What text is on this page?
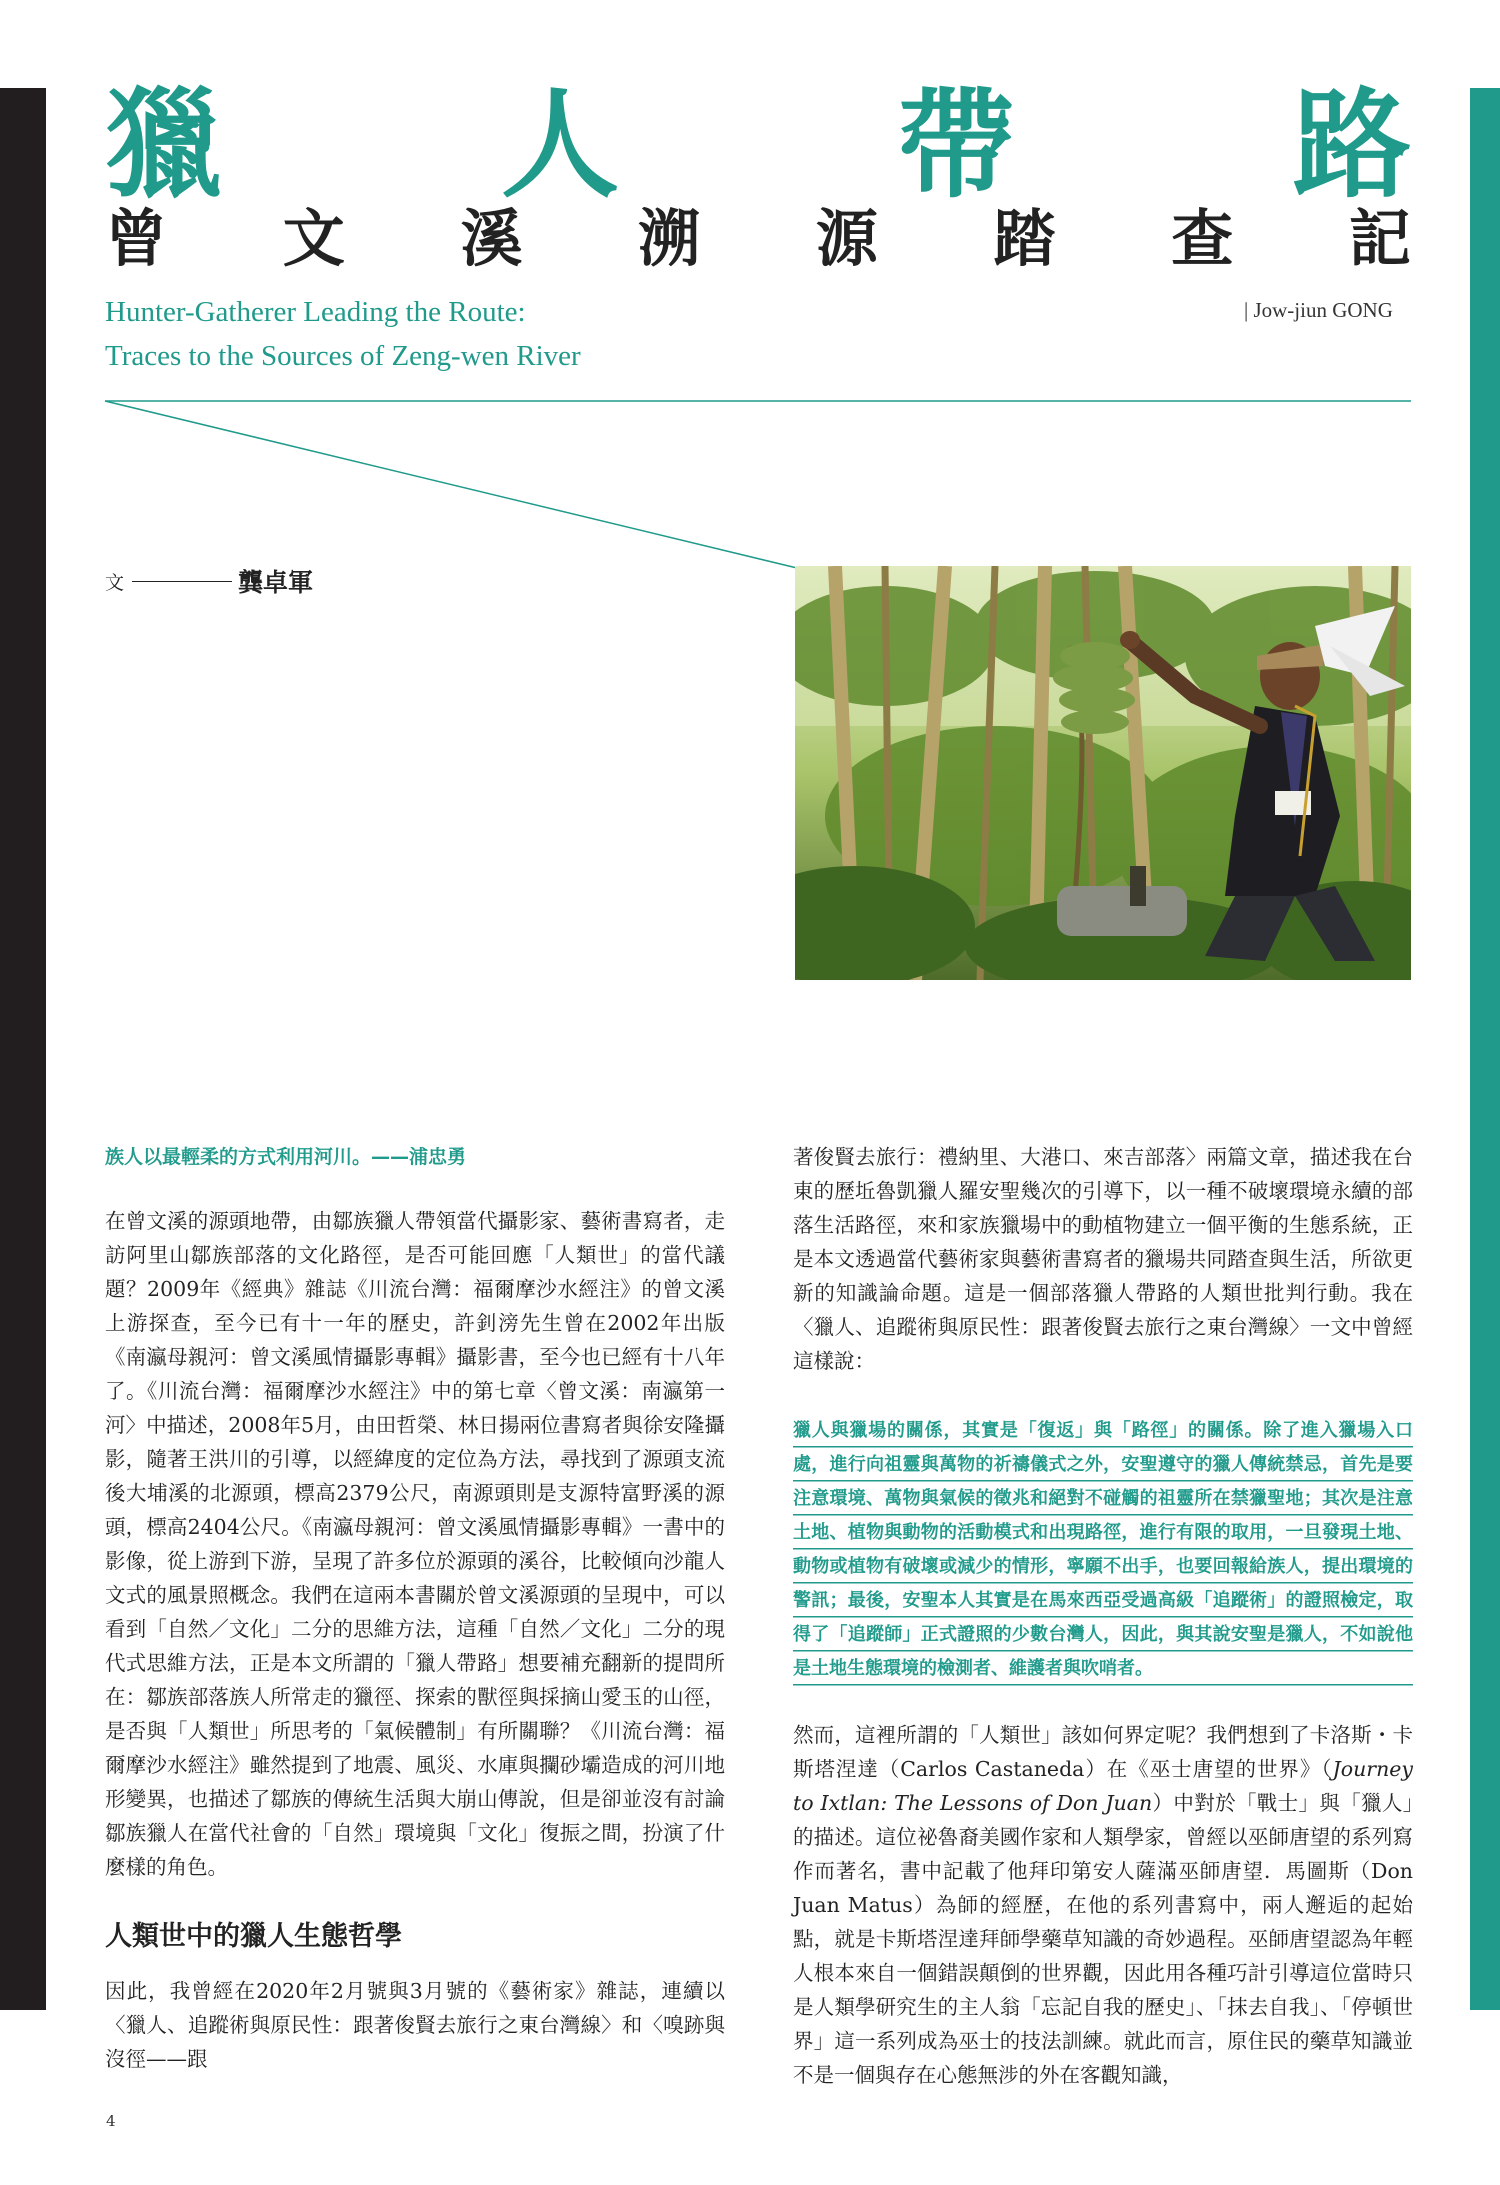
獵 人 帶 路
曾 文 溪 溯 源 踏 查 記
Hunter-Gatherer Leading the Route:
Traces to the Sources of Zeng-wen River
| Jow-jiun GONG
文	龔卓軍

族人以最輕柔的方式利用河川。——浦忠勇

在曾文溪的源頭地帶，由鄒族獵人帶領當代攝影家、藝術書寫者，走訪阿里山鄒族部落的文化路徑，是否可能回應「人類世」的當代議題？2009年《經典》雜誌《川流台灣：福爾摩沙水經注》的曾文溪上游探查，至今已有十一年的歷史，許釗滂先生曾在2002年出版《南瀛母親河：曾文溪風情攝影專輯》攝影書，至今也已經有十八年了。《川流台灣：福爾摩沙水經注》中的第七章〈曾文溪：南瀛第一河〉中描述，2008年5月，由田哲榮、林日揚兩位書寫者與徐安隆攝影，隨著王洪川的引導，以經緯度的定位為方法，尋找到了源頭支流後大埔溪的北源頭，標高2379公尺，南源頭則是支源特富野溪的源頭，標高2404公尺。《南瀛母親河：曾文溪風情攝影專輯》一書中的影像，從上游到下游，呈現了許多位於源頭的溪谷，比較傾向沙龍人文式的風景照概念。我們在這兩本書關於曾文溪源頭的呈現中，可以看到「自然／文化」二分的思維方法，這種「自然／文化」二分的現代式思維方法，正是本文所謂的「獵人帶路」想要補充翻新的提問所在：鄒族部落族人所常走的獵徑、探索的獸徑與採摘山愛玉的山徑，是否與「人類世」所思考的「氣候體制」有所關聯？《川流台灣：福爾摩沙水經注》雖然提到了地震、風災、水庫與攔砂壩造成的河川地形變異，也描述了鄒族的傳統生活與大崩山傳說，但是卻並沒有討論鄒族獵人在當代社會的「自然」環境與「文化」復振之間，扮演了什麼樣的角色。

人類世中的獵人生態哲學

因此，我曾經在2020年2月號與3月號的《藝術家》雜誌，連續以〈獵人、追蹤術與原民性：跟著俊賢去旅行之東台灣線〉和〈嗅跡與沒徑——跟

著俊賢去旅行：禮納里、大港口、來吉部落〉兩篇文章，描述我在台東的歷坵魯凱獵人羅安聖幾次的引導下，以一種不破壞環境永續的部落生活路徑，來和家族獵場中的動植物建立一個平衡的生態系統，正是本文透過當代藝術家與藝術書寫者的獵場共同踏查與生活，所欲更新的知識論命題。這是一個部落獵人帶路的人類世批判行動。我在〈獵人、追蹤術與原民性：跟著俊賢去旅行之東台灣線〉一文中曾經這樣說：

獵人與獵場的關係，其實是「復返」與「路徑」的關係。除了進入獵場入口處，進行向祖靈與萬物的祈禱儀式之外，安聖遵守的獵人傳統禁忌，首先是要注意環境、萬物與氣候的徵兆和絕對不碰觸的祖靈所在禁獵聖地；其次是注意土地、植物與動物的活動模式和出現路徑，進行有限的取用，一旦發現土地、動物或植物有破壞或減少的情形，寧願不出手，也要回報給族人，提出環境的警訊；最後，安聖本人其實是在馬來西亞受過高級「追蹤術」的證照檢定，取得了「追蹤師」正式證照的少數台灣人，因此，與其說安聖是獵人，不如說他是土地生態環境的檢測者、維護者與吹哨者。

然而，這裡所謂的「人類世」該如何界定呢？我們想到了卡洛斯・卡斯塔涅達（Carlos Castaneda）在《巫士唐望的世界》（Journey to Ixtlan: The Lessons of Don Juan）中對於「戰士」與「獵人」的描述。這位祕魯裔美國作家和人類學家，曾經以巫師唐望的系列寫作而著名，書中記載了他拜印第安人薩滿巫師唐望．馬圖斯（Don Juan Matus）為師的經歷，在他的系列書寫中，兩人邂逅的起始點，就是卡斯塔涅達拜師學藥草知識的奇妙過程。巫師唐望認為年輕人根本來自一個錯誤顛倒的世界觀，因此用各種巧計引導這位當時只是人類學研究生的主人翁「忘記自我的歷史」、「抹去自我」、「停頓世界」這一系列成為巫士的技法訓練。就此而言，原住民的藥草知識並不是一個與存在心態無涉的外在客觀知識，

4
